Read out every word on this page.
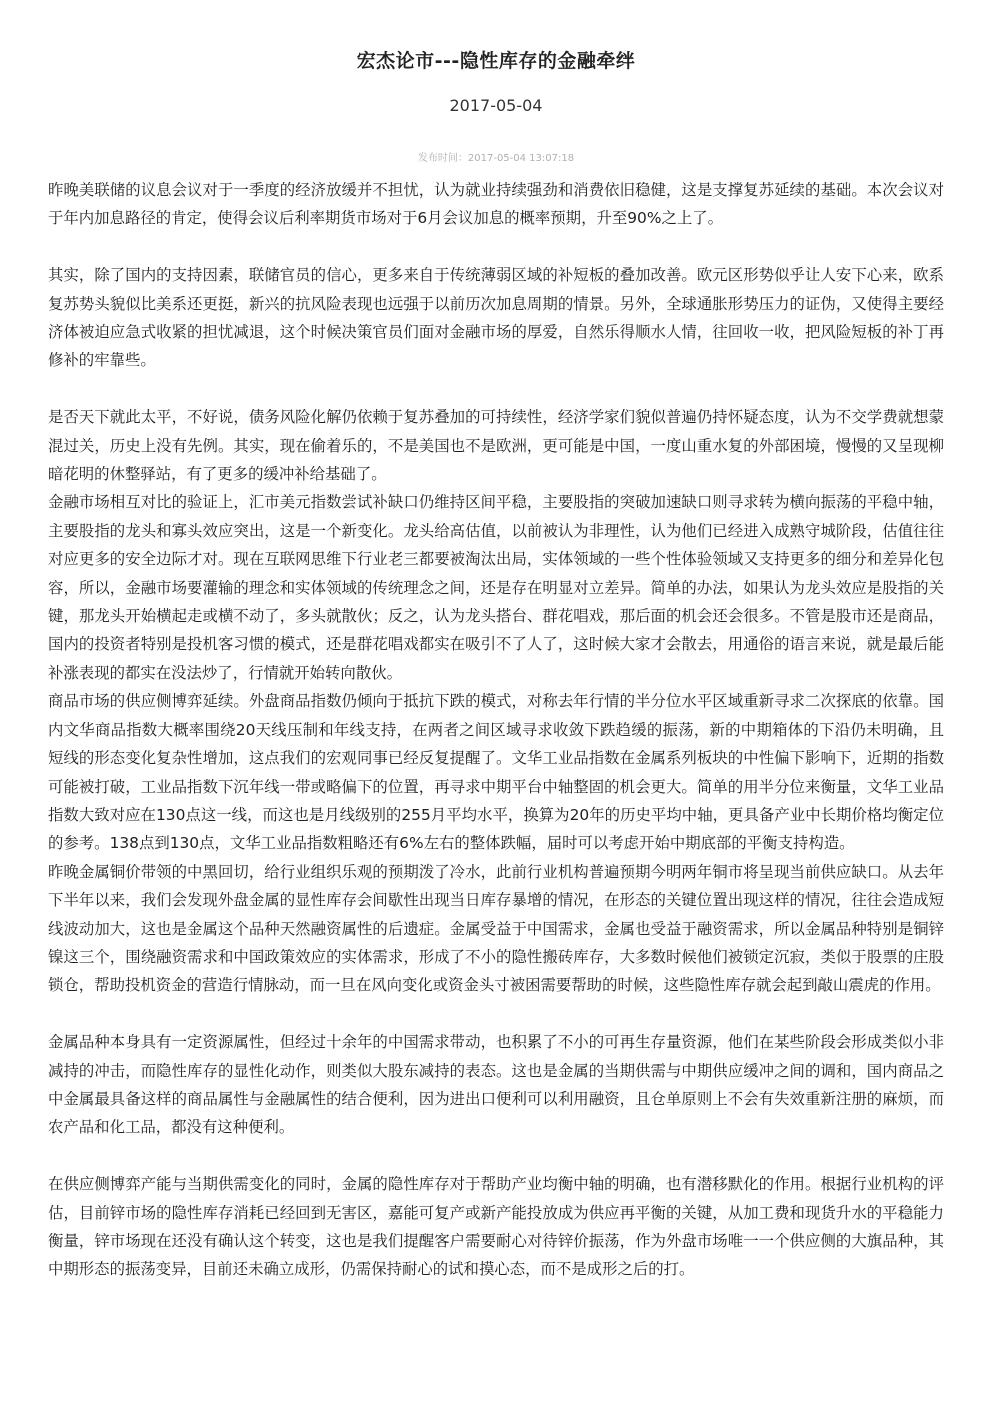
宏杰论市---隐性库存的金融牵绊
2017-05-04
发布时间：2017-05-04 13:07:18

昨晚美联储的议息会议对于一季度的经济放缓并不担忧，认为就业持续强劲和消费依旧稳健，这是支撑复苏延续的基础。本次会议对于年内加息路径的肯定，使得会议后利率期货市场对于6月会议加息的概率预期，升至90%之上了。

其实，除了国内的支持因素，联储官员的信心，更多来自于传统薄弱区域的补短板的叠加改善。欧元区形势似乎让人安下心来，欧系复苏势头貌似比美系还更挺，新兴的抗风险表现也远强于以前历次加息周期的情景。另外，全球通胀形势压力的证伪，又使得主要经济体被迫应急式收紧的担忧减退，这个时候决策官员们面对金融市场的厚爱，自然乐得顺水人情，往回收一收，把风险短板的补丁再修补的牢靠些。

是否天下就此太平，不好说，债务风险化解仍依赖于复苏叠加的可持续性，经济学家们貌似普遍仍持怀疑态度，认为不交学费就想蒙混过关，历史上没有先例。其实，现在偷着乐的，不是美国也不是欧洲，更可能是中国，一度山重水复的外部困境，慢慢的又呈现柳暗花明的休整驿站，有了更多的缓冲补给基础了。

金融市场相互对比的验证上，汇市美元指数尝试补缺口仍维持区间平稳，主要股指的突破加速缺口则寻求转为横向振荡的平稳中轴，主要股指的龙头和寡头效应突出，这是一个新变化。龙头给高估值，以前被认为非理性，认为他们已经进入成熟守城阶段，估值往往对应更多的安全边际才对。现在互联网思维下行业老三都要被淘汰出局，实体领域的一些个性体验领域又支持更多的细分和差异化包容，所以，金融市场要灌输的理念和实体领域的传统理念之间，还是存在明显对立差异。简单的办法，如果认为龙头效应是股指的关键，那龙头开始横起走或横不动了，多头就散伙；反之，认为龙头搭台、群花唱戏，那后面的机会还会很多。不管是股市还是商品，国内的投资者特别是投机客习惯的模式，还是群花唱戏都实在吸引不了人了，这时候大家才会散去，用通俗的语言来说，就是最后能补涨表现的都实在没法炒了，行情就开始转向散伙。

商品市场的供应侧博弈延续。外盘商品指数仍倾向于抵抗下跌的模式，对称去年行情的半分位水平区域重新寻求二次探底的依靠。国内文华商品指数大概率围绕20天线压制和年线支持，在两者之间区域寻求收敛下跌趋缓的振荡，新的中期箱体的下沿仍未明确，且短线的形态变化复杂性增加，这点我们的宏观同事已经反复提醒了。文华工业品指数在金属系列板块的中性偏下影响下，近期的指数可能被打破，工业品指数下沉年线一带或略偏下的位置，再寻求中期平台中轴整固的机会更大。简单的用半分位来衡量，文华工业品指数大致对应在130点这一线，而这也是月线级别的255月平均水平，换算为20年的历史平均中轴，更具备产业中长期价格均衡定位的参考。138点到130点，文华工业品指数粗略还有6%左右的整体跌幅，届时可以考虑开始中期底部的平衡支持构造。

昨晚金属铜价带领的中黑回切，给行业组织乐观的预期泼了冷水，此前行业机构普遍预期今明两年铜市将呈现当前供应缺口。从去年下半年以来，我们会发现外盘金属的显性库存会间歇性出现当日库存暴增的情况，在形态的关键位置出现这样的情况，往往会造成短线波动加大，这也是金属这个品种天然融资属性的后遗症。金属受益于中国需求，金属也受益于融资需求，所以金属品种特别是铜锌镍这三个，围绕融资需求和中国政策效应的实体需求，形成了不小的隐性搬砖库存，大多数时候他们被锁定沉寂，类似于股票的庄股锁仓，帮助投机资金的营造行情脉动，而一旦在风向变化或资金头寸被困需要帮助的时候，这些隐性库存就会起到敲山震虎的作用。

金属品种本身具有一定资源属性，但经过十余年的中国需求带动，也积累了不小的可再生存量资源，他们在某些阶段会形成类似小非减持的冲击，而隐性库存的显性化动作，则类似大股东减持的表态。这也是金属的当期供需与中期供应缓冲之间的调和，国内商品之中金属最具备这样的商品属性与金融属性的结合便利，因为进出口便利可以利用融资，且仓单原则上不会有失效重新注册的麻烦，而农产品和化工品，都没有这种便利。

在供应侧博弈产能与当期供需变化的同时，金属的隐性库存对于帮助产业均衡中轴的明确，也有潜移默化的作用。根据行业机构的评估，目前锌市场的隐性库存消耗已经回到无害区，嘉能可复产或新产能投放成为供应再平衡的关键，从加工费和现货升水的平稳能力衡量，锌市场现在还没有确认这个转变，这也是我们提醒客户需要耐心对待锌价振荡，作为外盘市场唯一一个供应侧的大旗品种，其中期形态的振荡变异，目前还未确立成形，仍需保持耐心的试和摸心态，而不是成形之后的打。
